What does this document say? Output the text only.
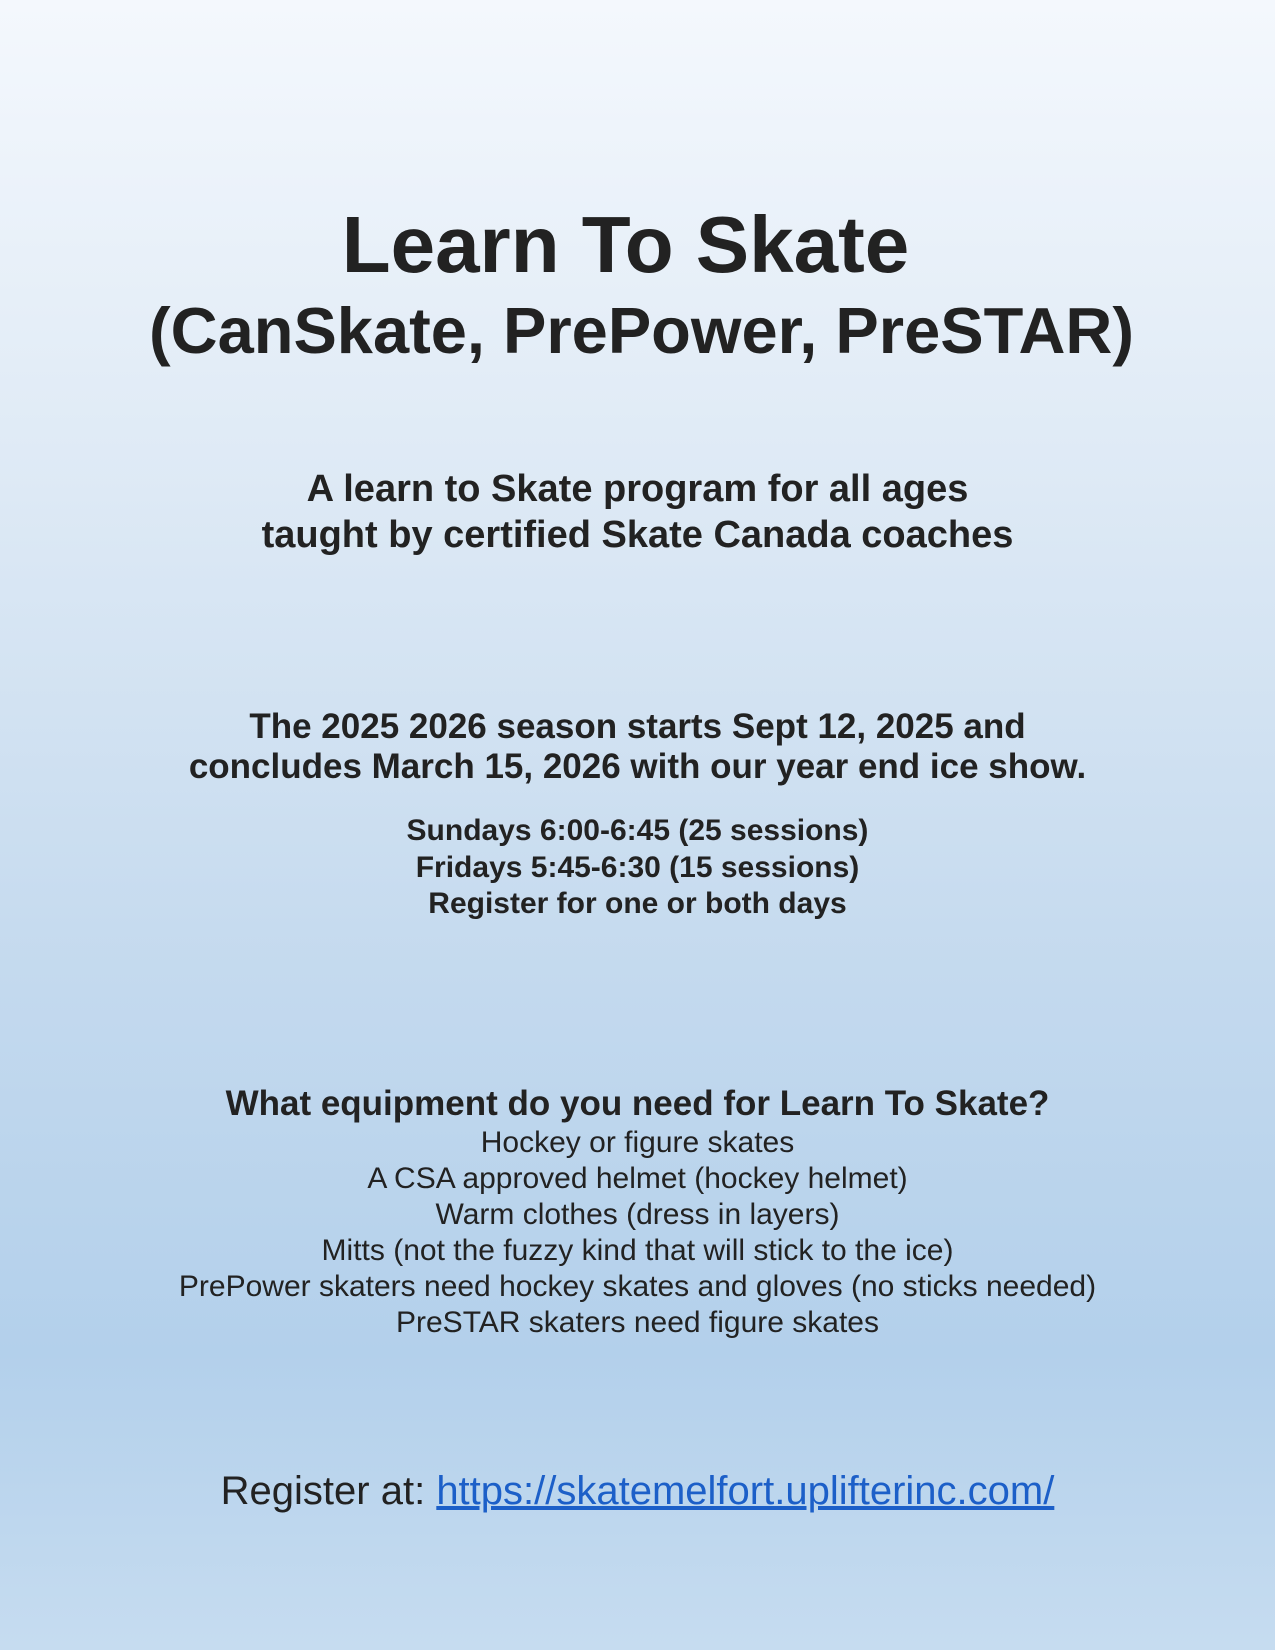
Learn To Skate
(CanSkate, PrePower, PreSTAR)
A learn to Skate program for all ages
taught by certified Skate Canada coaches
The 2025 2026 season starts Sept 12, 2025 and
concludes March 15, 2026 with our year end ice show.
Sundays 6:00-6:45 (25 sessions)
Fridays 5:45-6:30 (15 sessions)
Register for one or both days
What equipment do you need for Learn To Skate?
Hockey or figure skates
A CSA approved helmet (hockey helmet)
Warm clothes (dress in layers)
Mitts (not the fuzzy kind that will stick to the ice)
PrePower skaters need hockey skates and gloves (no sticks needed)
PreSTAR skaters need figure skates
Register at: https://skatemelfort.uplifterinc.com/
